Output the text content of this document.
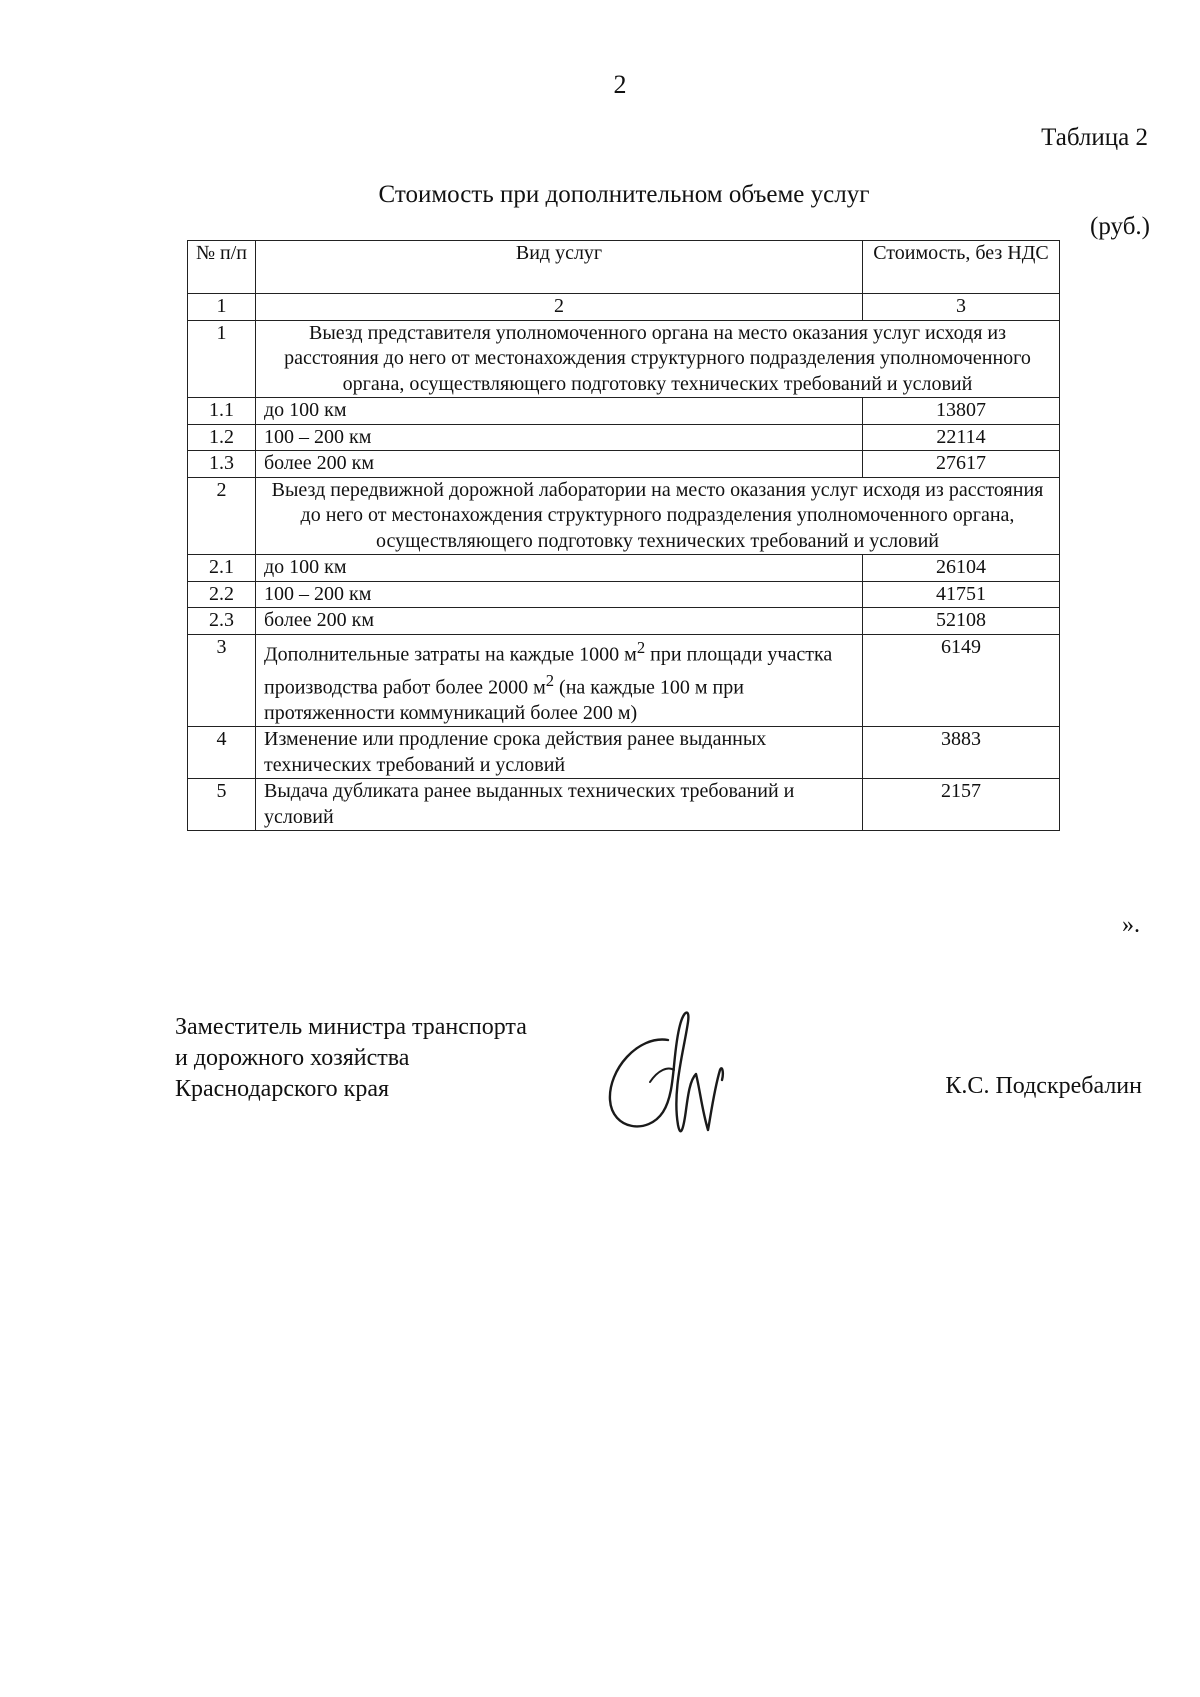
2
Таблица 2
Стоимость при дополнительном объеме услуг
(руб.)
№ п/п	Вид услуг	Стоимость, без НДС
1	2	3
1	Выезд представителя уполномоченного органа на место оказания услуг исходя из расстояния до него от местонахождения структурного подразделения уполномоченного органа, осуществляющего подготовку технических требований и условий	
1.1	до 100 км	13807
1.2	100 – 200 км	22114
1.3	более 200 км	27617
2	Выезд передвижной дорожной лаборатории на место оказания услуг исходя из расстояния до него от местонахождения структурного подразделения уполномоченного органа, осуществляющего подготовку технических требований и условий	
2.1	до 100 км	26104
2.2	100 – 200 км	41751
2.3	более 200 км	52108
3	Дополнительные затраты на каждые 1000 $м^2$ при площади участка производства работ более 2000 $м^2$ (на каждые 100 м при протяженности коммуникаций более 200 м)	6149
4	Изменение или продление срока действия ранее выданных технических требований и условий	3883
5	Выдача дубликата ранее выданных технических требований и условий	2157
».
Заместитель министра транспорта
и дорожного хозяйства
Краснодарского края	К.С. Подскребалин
